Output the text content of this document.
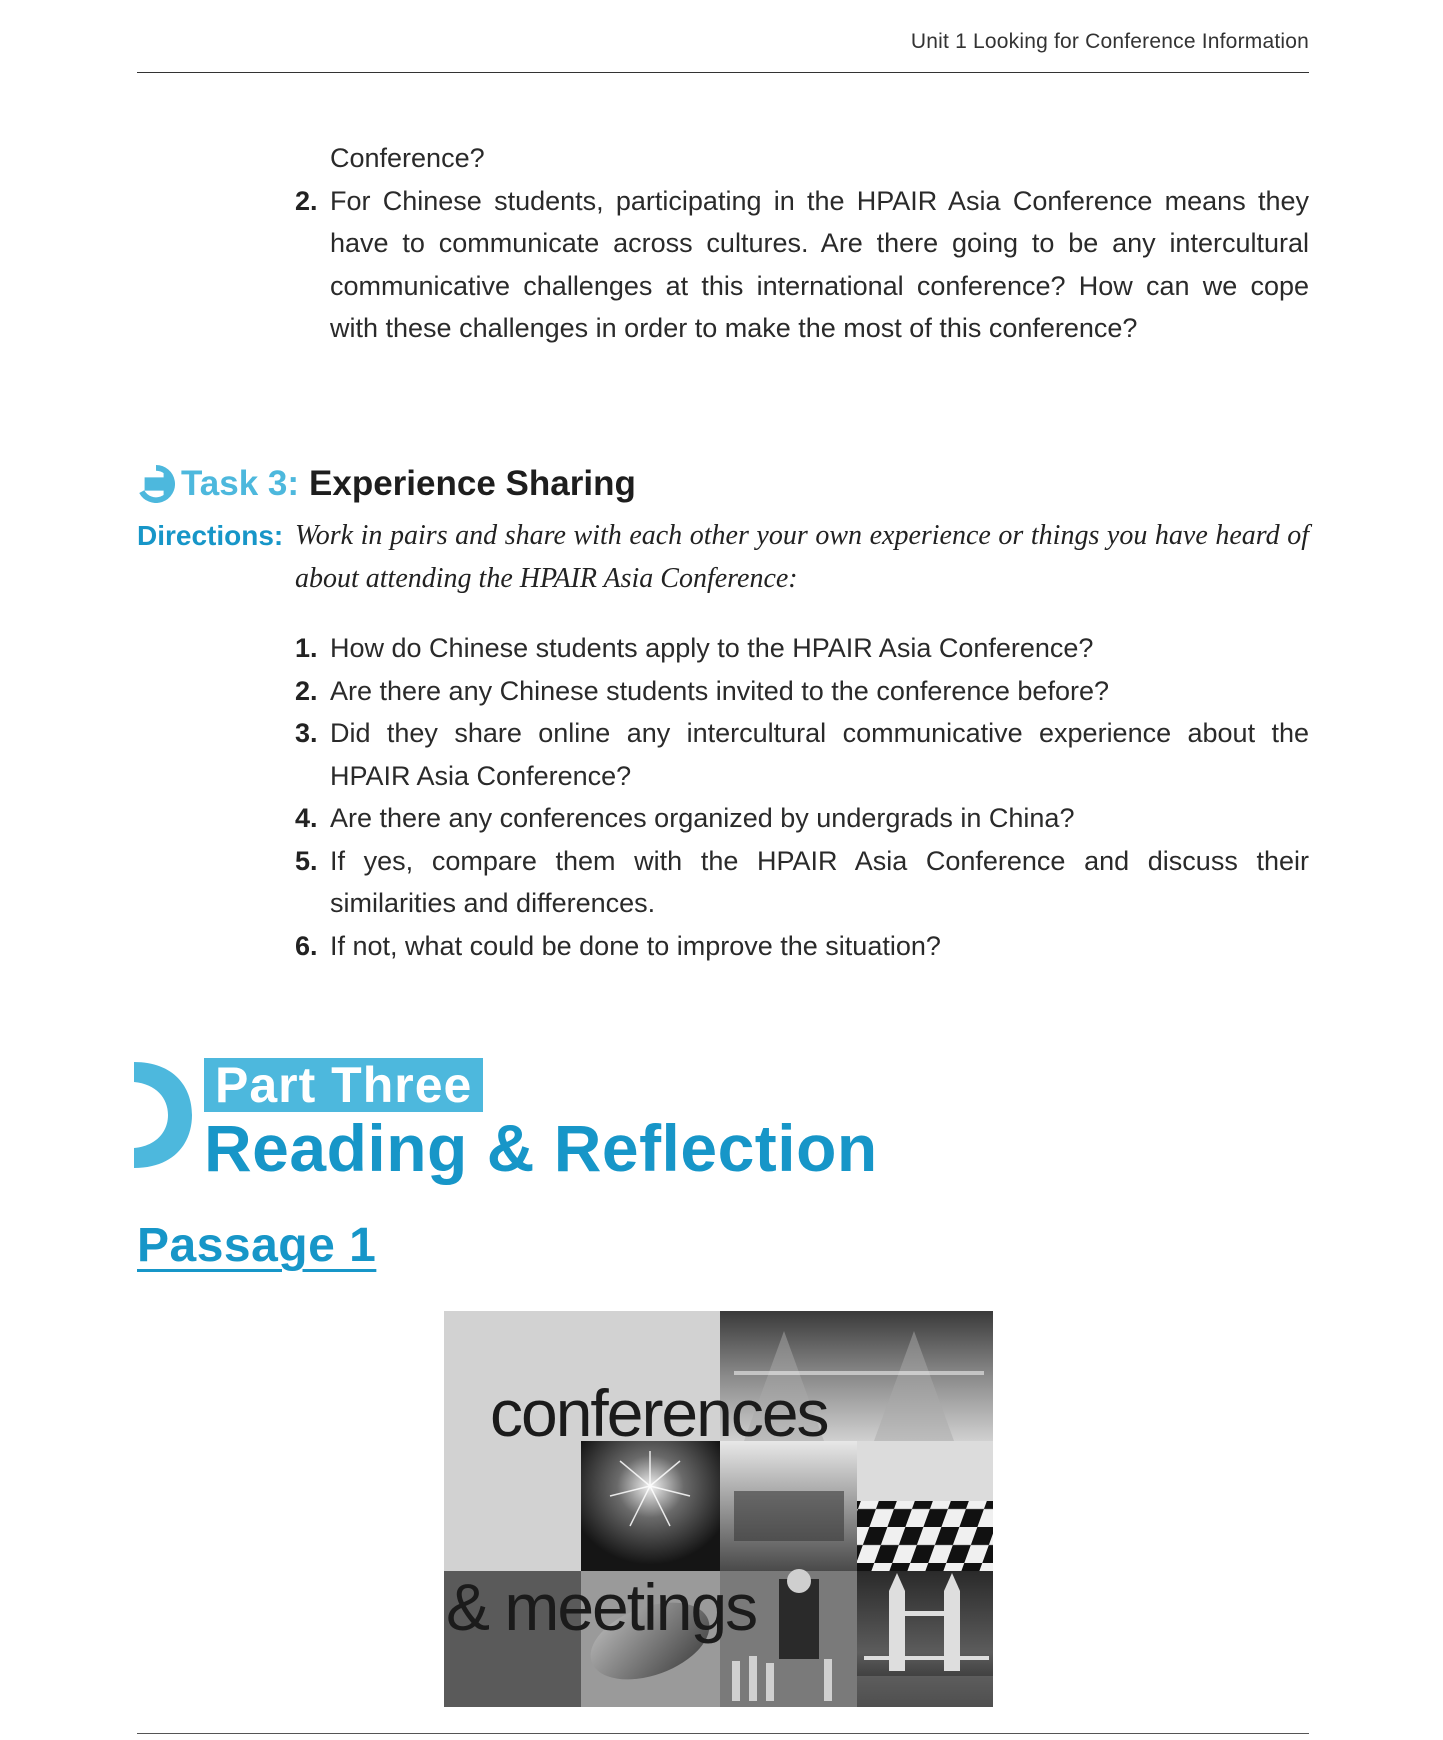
Unit 1 Looking for Conference Information
Conference?
2. For Chinese students, participating in the HPAIR Asia Conference means they have to communicate across cultures. Are there going to be any intercultural communicative challenges at this international conference? How can we cope with these challenges in order to make the most of this conference?
Task 3: Experience Sharing
Directions: Work in pairs and share with each other your own experience or things you have heard of about attending the HPAIR Asia Conference:
1. How do Chinese students apply to the HPAIR Asia Conference?
2. Are there any Chinese students invited to the conference before?
3. Did they share online any intercultural communicative experience about the HPAIR Asia Conference?
4. Are there any conferences organized by undergrads in China?
5. If yes, compare them with the HPAIR Asia Conference and discuss their similarities and differences.
6. If not, what could be done to improve the situation?
Part Three
Reading & Reflection
Passage 1
conferences
& meetings
